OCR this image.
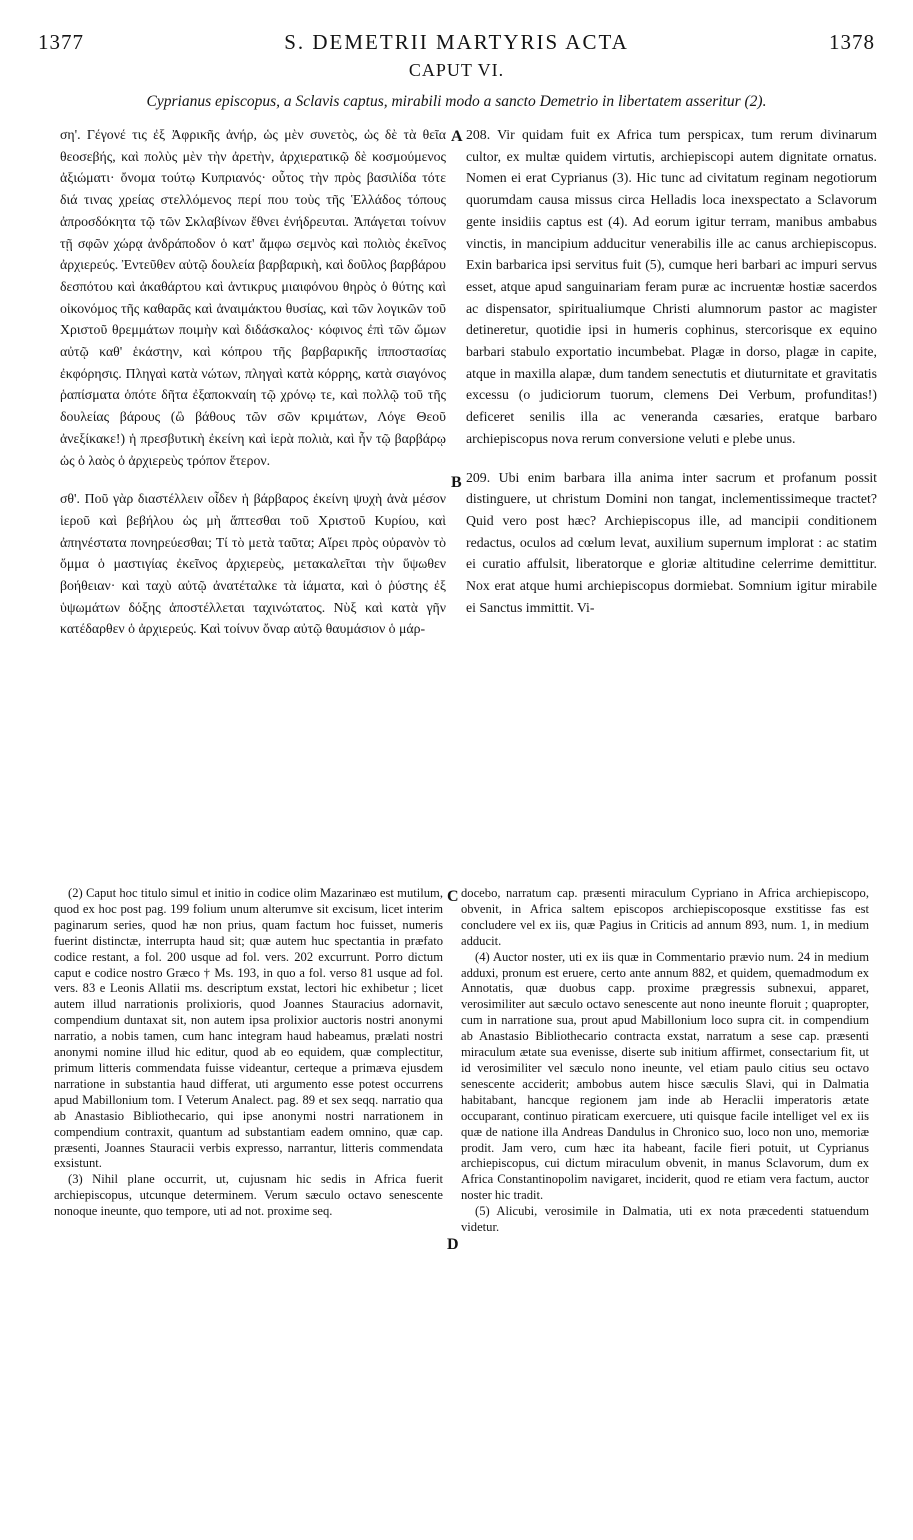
1377	S. DEMETRII MARTYRIS ACTA	1378
CAPUT VI.
Cyprianus episcopus, a Sclavis captus, mirabili modo a sancto Demetrio in libertatem asseritur (2).

ση'. Γέγονέ τις ἐξ Ἀφρικῆς ἀνήρ, ὡς μὲν συνετὸς, ὡς δὲ τὰ θεῖα θεοσεβής, καὶ πολὺς μὲν τὴν ἀρετὴν, ἀρχιερατικῷ δὲ κοσμούμενος ἀξιώματι· ὄνομα τούτῳ Κυπριανός· οὗτος τὴν πρὸς βασιλίδα τότε διά τινας χρείας στελλόμενος περί που τοὺς τῆς Ἑλλάδος τόπους ἀπροσδόκητα τῷ τῶν Σκλαβίνων ἔθνει ἐνήδρευται. Ἀπάγεται τοίνυν τῇ σφῶν χώρᾳ ἀνδράποδον ὁ κατ' ἄμφω σεμνὸς καὶ πολιὸς ἐκεῖνος ἀρχιερεύς. Ἐντεῦθεν αὐτῷ δουλεία βαρβαρικὴ, καὶ δοῦλος βαρβάρου δεσπότου καὶ ἀκαθάρτου καὶ ἀντικρυς μιαιφόνου θηρὸς ὁ θύτης καὶ οἰκονόμος τῆς καθαρᾶς καὶ ἀναιμάκτου θυσίας, καὶ τῶν λογικῶν τοῦ Χριστοῦ θρεμμάτων ποιμὴν καὶ διδάσκαλος· κόφινος ἐπὶ τῶν ὤμων αὐτῷ καθ' ἑκάστην, καὶ κόπρου τῆς βαρβαρικῆς ἱπποστασίας ἐκφόρησις. Πληγαὶ κατὰ νώτων, πληγαὶ κατὰ κόρρης, κατὰ σιαγόνος ῥαπίσματα ὁπότε δῆτα ἐξαποκναίη τῷ χρόνῳ τε, καὶ πολλῷ τοῦ τῆς δουλείας βάρους (ὢ βάθους τῶν σῶν κριμάτων, Λόγε Θεοῦ ἀνεξίκακε!) ἡ πρεσβυτικὴ ἐκείνη καὶ ἱερὰ πολιὰ, καὶ ἦν τῷ βαρβάρῳ ὡς ὁ λαὸς ὁ ἀρχιερεὺς τρόπον ἕτερον.

σθ'. Ποῦ γὰρ διαστέλλειν οἶδεν ἡ βάρβαρος ἐκείνη ψυχὴ ἀνὰ μέσον ἱεροῦ καὶ βεβήλου ὡς μὴ ἅπτεσθαι τοῦ Χριστοῦ Κυρίου, καὶ ἀπηνέστατα πονηρεύεσθαι; Τί τὸ μετὰ ταῦτα; Αἴρει πρὸς οὐρανὸν τὸ ὄμμα ὁ μαστιγίας ἐκεῖνος ἀρχιερεὺς, μετακαλεῖται τὴν ὕψωθεν βοήθειαν· καὶ ταχὺ αὐτῷ ἀνατέταλκε τὰ ἰάματα, καὶ ὁ ῥύστης ἐξ ὑψωμάτων δόξης ἀποστέλλεται ταχινώτατος. Νὺξ καὶ κατὰ γῆν κατέδαρθεν ὁ ἀρχιερεύς. Καὶ τοίνυν ὄναρ αὐτῷ θαυμάσιον ὁ μάρ-

208. Vir quidam fuit ex Africa tum perspicax, tum rerum divinarum cultor, ex multæ quidem virtutis, archiepiscopi autem dignitate ornatus. Nomen ei erat Cyprianus (3). Hic tunc ad civitatum reginam negotiorum quorumdam causa missus circa Helladis loca inexspectato a Sclavorum gente insidiis captus est (4). Ad eorum igitur terram, manibus ambabus vinctis, in mancipium adducitur venerabilis ille ac canus archiepiscopus. Exin barbarica ipsi servitus fuit (5), cumque heri barbari ac impuri servus esset, atque apud sanguinariam feram puræ ac incruentæ hostiæ sacerdos ac dispensator, spiritualiumque Christi alumnorum pastor ac magister detineretur, quotidie ipsi in humeris cophinus, stercorisque ex equino barbari stabulo exportatio incumbebat. Plagæ in dorso, plagæ in capite, atque in maxilla alapæ, dum tandem senectutis et diuturnitate et gravitatis excessu (o judiciorum tuorum, clemens Dei Verbum, profunditas!) deficeret senilis illa ac veneranda cæsaries, eratque barbaro archiepiscopus nova rerum conversione veluti e plebe unus.

209. Ubi enim barbara illa anima inter sacrum et profanum possit distinguere, ut christum Domini non tangat, inclementissimeque tractet? Quid vero post hæc? Archiepiscopus ille, ad mancipii conditionem redactus, oculos ad cœlum levat, auxilium supernum implorat : ac statim ei curatio affulsit, liberatorque e gloriæ altitudine celerrime demittitur. Nox erat atque humi archiepiscopus dormiebat. Somnium igitur mirabile ei Sanctus immittit. Vi-

A
B
C
D

(2) Caput hoc titulo simul et initio in codice olim Mazarinæo est mutilum, quod ex hoc post pag. 199 folium unum alterumve sit excisum, licet interim paginarum series, quod hæ non prius, quam factum hoc fuisset, numeris fuerint distinctæ, interrupta haud sit; quæ autem huc spectantia in præfato codice restant, a fol. 200 usque ad fol. vers. 202 excurrunt. Porro dictum caput e codice nostro Græco † Ms. 193, in quo a fol. verso 81 usque ad fol. vers. 83 e Leonis Allatii ms. descriptum exstat, lectori hic exhibetur ; licet autem illud narrationis prolixioris, quod Joannes Stauracius adornavit, compendium duntaxat sit, non autem ipsa prolixior auctoris nostri anonymi narratio, a nobis tamen, cum hanc integram haud habeamus, prælati nostri anonymi nomine illud hic editur, quod ab eo equidem, quæ complectitur, primum litteris commendata fuisse videantur, certeque a primæva ejusdem narratione in substantia haud differat, uti argumento esse potest occurrens apud Mabillonium tom. I Veterum Analect. pag. 89 et sex seqq. narratio qua ab Anastasio Bibliothecario, qui ipse anonymi nostri narrationem in compendium contraxit, quantum ad substantiam eadem omnino, quæ cap. præsenti, Joannes Stauracii verbis expresso, narrantur, litteris commendata exsistunt.

(3) Nihil plane occurrit, ut, cujusnam hic sedis in Africa fuerit archiepiscopus, utcunque determinem. Verum sæculo octavo senescente nonoque ineunte, quo tempore, uti ad not. proxime seq.

docebo, narratum cap. præsenti miraculum Cypriano in Africa archiepiscopo, obvenit, in Africa saltem episcopos archiepiscoposque exstitisse fas est concludere vel ex iis, quæ Pagius in Criticis ad annum 893, num. 1, in medium adducit.

(4) Auctor noster, uti ex iis quæ in Commentario prævio num. 24 in medium adduxi, pronum est eruere, certo ante annum 882, et quidem, quemadmodum ex Annotatis, quæ duobus capp. proxime prægressis subnexui, apparet, verosimiliter aut sæculo octavo senescente aut nono ineunte floruit ; quapropter, cum in narratione sua, prout apud Mabillonium loco supra cit. in compendium ab Anastasio Bibliothecario contracta exstat, narratum a sese cap. præsenti miraculum ætate sua evenisse, diserte sub initium affirmet, consectarium fit, ut id verosimiliter vel sæculo nono ineunte, vel etiam paulo citius seu octavo senescente acciderit; ambobus autem hisce sæculis Slavi, qui in Dalmatia habitabant, hancque regionem jam inde ab Heraclii imperatoris ætate occuparant, continuo piraticam exercuere, uti quisque facile intelliget vel ex iis quæ de natione illa Andreas Dandulus in Chronico suo, loco non uno, memoriæ prodit. Jam vero, cum hæc ita habeant, facile fieri potuit, ut Cyprianus archiepiscopus, cui dictum miraculum obvenit, in manus Sclavorum, dum ex Africa Constantinopolim navigaret, inciderit, quod re etiam vera factum, auctor noster hic tradit.

(5) Alicubi, verosimile in Dalmatia, uti ex nota præcedenti statuendum videtur.
